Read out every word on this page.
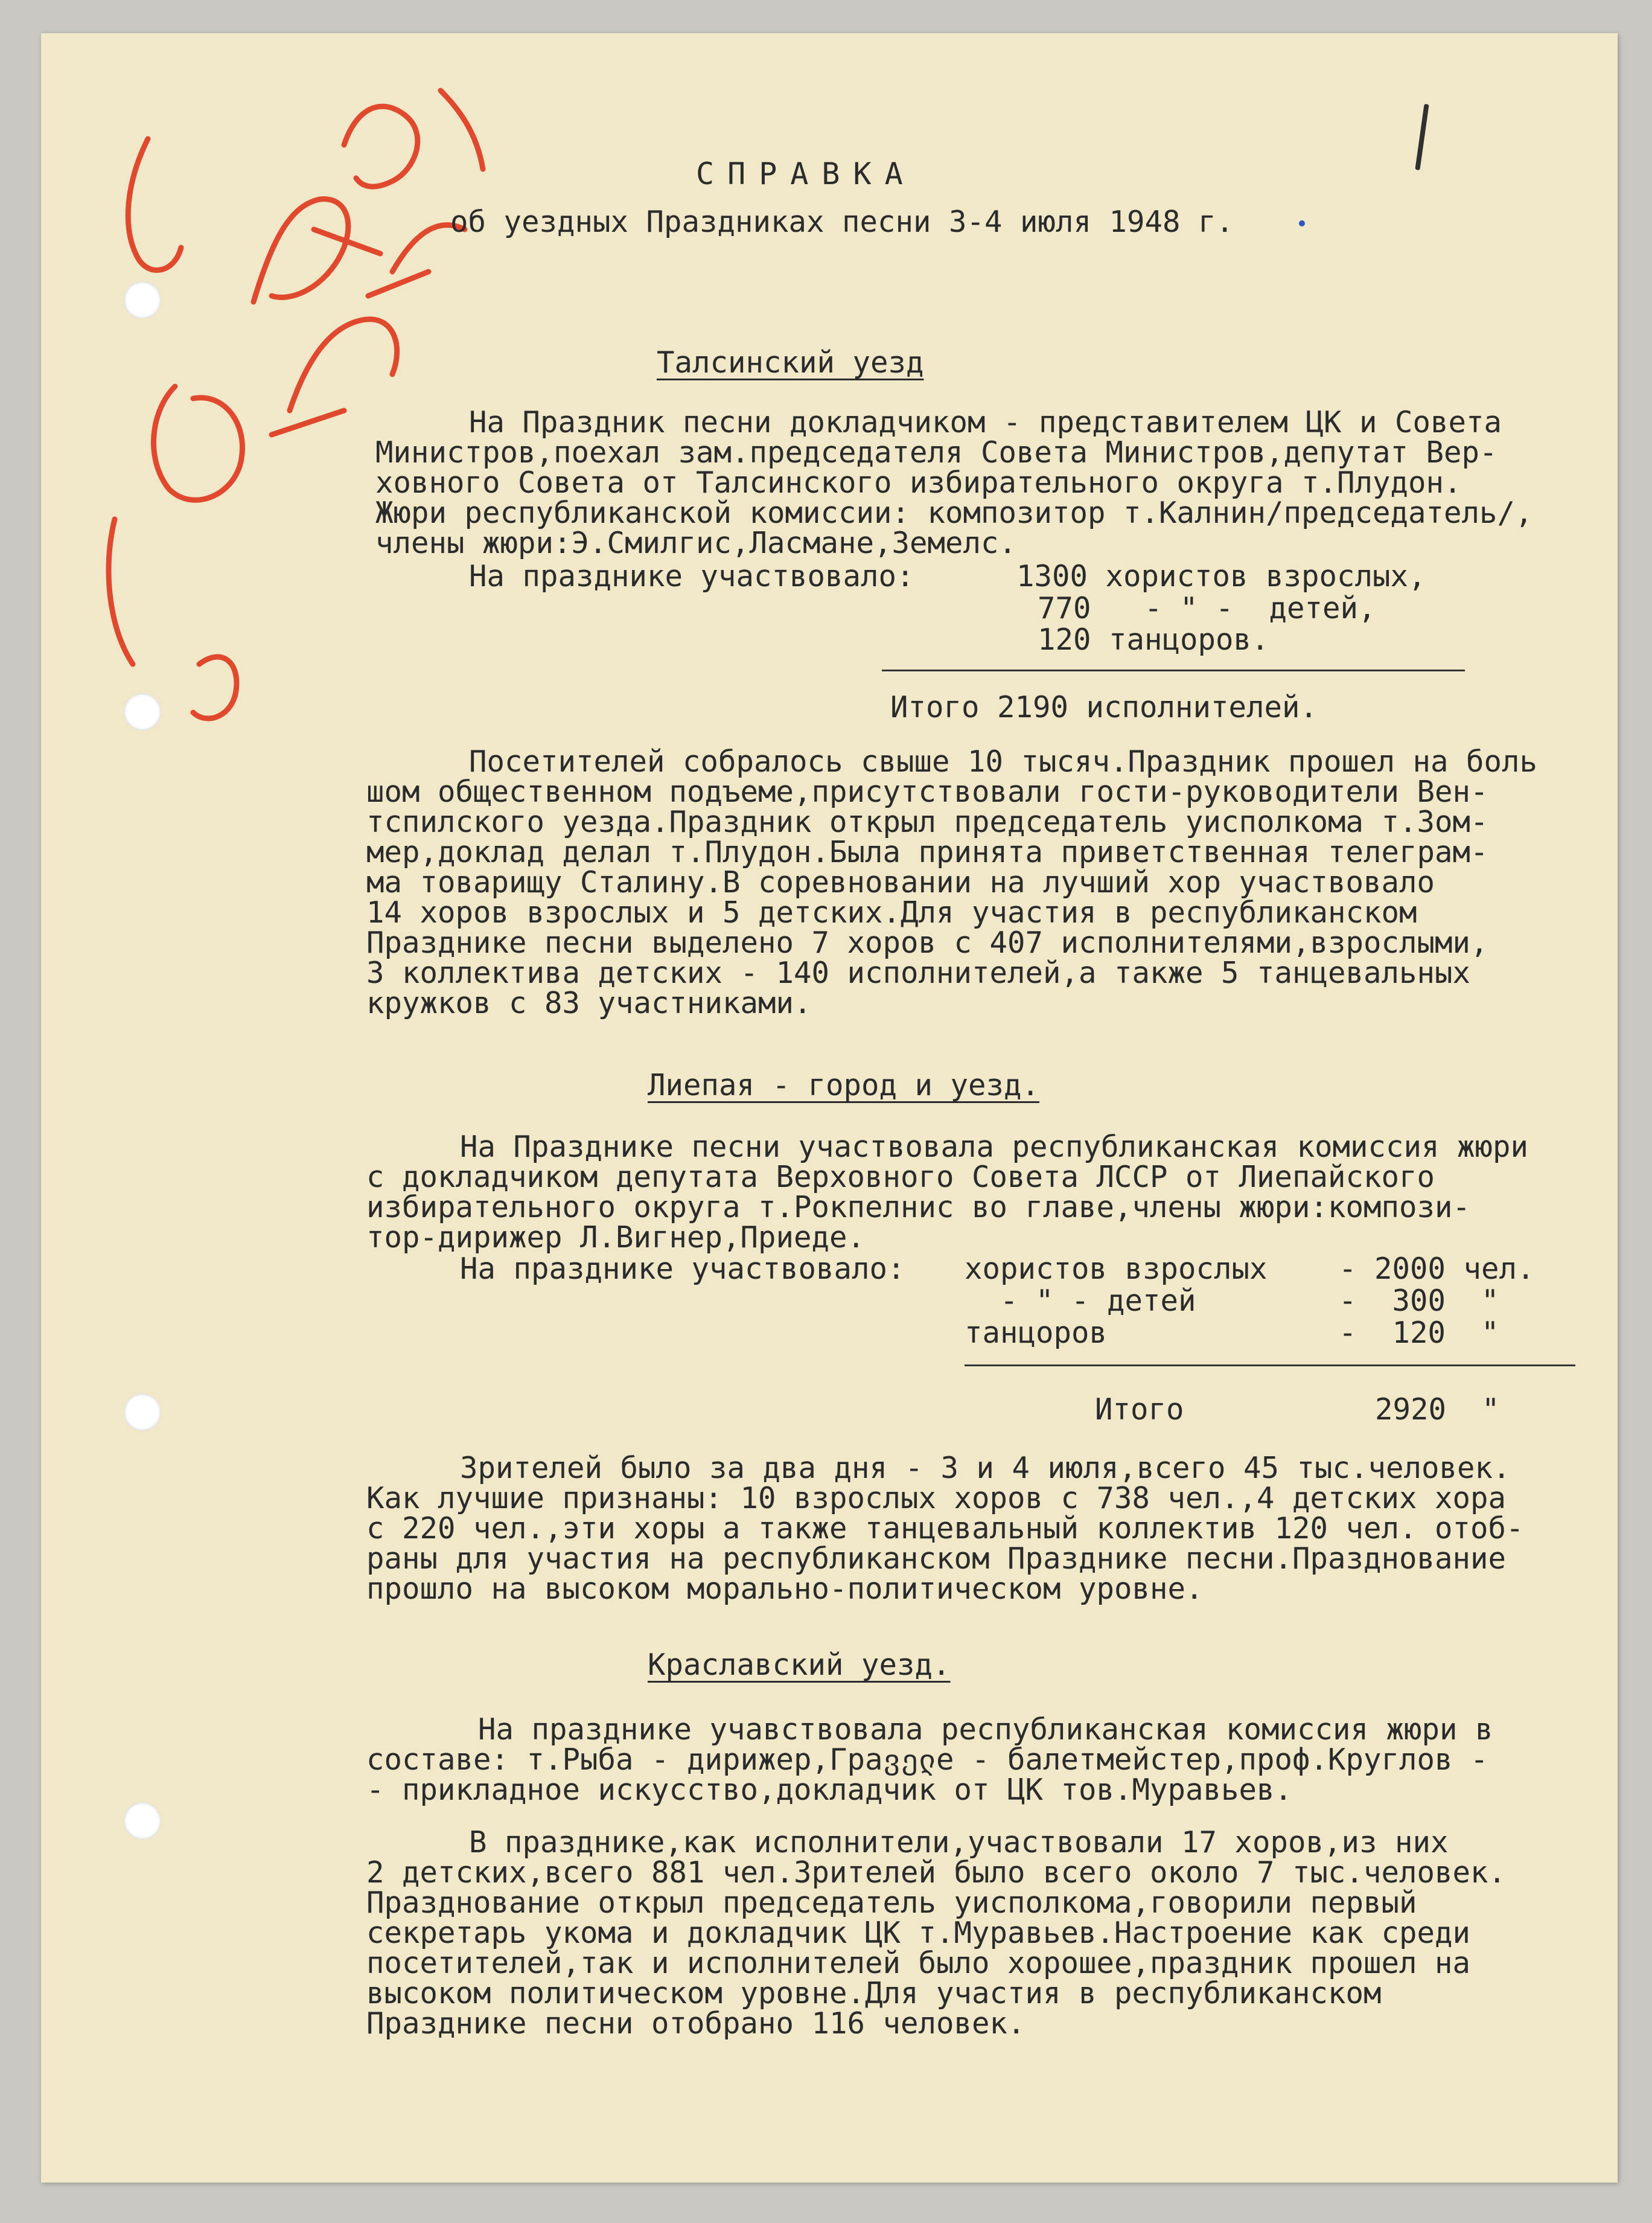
СПРАВКА

об уездных Праздниках песни 3-4 июля 1948 г.

Талсинский уезд

На Праздник песни докладчиком - представителем ЦК и Совета

Министров,поехал зам.председателя Совета Министров,депутат Вер-

ховного Совета от Талсинского избирательного округа т.Плудон.

Жюри республиканской комиссии: композитор т.Калнин/председатель/,

члены жюри:Э.Смилгис,Ласмане,Земелс.

На празднике участвовало:	1300 хористов взрослых,

770   - " -  детей,

120 танцоров.

Итого 2190 исполнителей.

Посетителей собралось свыше 10 тысяч.Праздник прошел на боль

шом общественном подъеме,присутствовали гости-руководители Вен-

тспилского уезда.Праздник открыл председатель уисполкома т.Зом-

мер,доклад делал т.Плудон.Была принята приветственная телеграм-

ма товарищу Сталину.В соревновании на лучший хор участвовало

14 хоров взрослых и 5 детских.Для участия в республиканском

Празднике песни выделено 7 хоров с 407 исполнителями,взрослыми,

3 коллектива детских - 140 исполнителей,а также 5 танцевальных

кружков с 83 участниками.

Лиепая - город и уезд.

На Празднике песни участвовала республиканская комиссия жюри

с докладчиком депутата Верховного Совета ЛССР от Лиепайского

избирательного округа т.Рокпелнис во главе,члены жюри:компози-

тор-дирижер Л.Вигнер,Приеде.

На празднике участвовало: хористов взрослых - 2000 чел.

- " - детей	-  300  "

танцоров	-  120  "

Итого	2920  "

Зрителей было за два дня - 3 и 4 июля,всего 45 тыс.человек.

Как лучшие признаны: 10 взрослых хоров с 738 чел.,4 детских хора

с 220 чел.,эти хоры а также танцевальный коллектив 120 чел. отоб-

раны для участия на республиканском Празднике песни.Празднование

прошло на высоком морально-политическом уровне.

Краславский уезд.

На празднике учавствовала республиканская комиссия жюри в

составе: т.Рыба - дирижер,Граველе - балетмейстер,проф.Круглов -

- прикладное искусство,докладчик от ЦК тов.Муравьев.

В празднике,как исполнители,участвовали 17 хоров,из них

2 детских,всего 881 чел.Зрителей было всего около 7 тыс.человек.

Празднование открыл председатель уисполкома,говорили первый

секретарь укома и докладчик ЦК т.Муравьев.Настроение как среди

посетителей,так и исполнителей было хорошее,праздник прошел на

высоком политическом уровне.Для участия в республиканском

Празднике песни отобрано 116 человек.
